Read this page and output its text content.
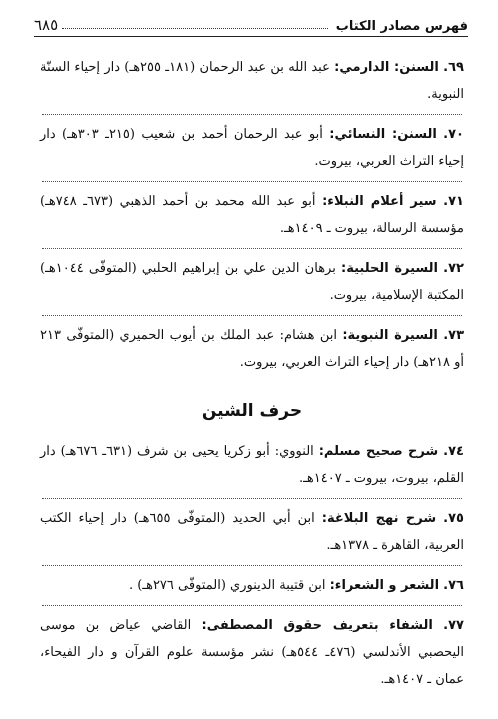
فهرس مصادر الكتاب
٦٨٥
٦٩. السنن: الدارمي: عبد الله بن عبد الرحمان (١٨١ـ ٢٥٥هـ) دار إحياء السنّة النبوية.
٧٠. السنن: النسائي: أبو عبد الرحمان أحمد بن شعيب (٢١٥ـ ٣٠٣هـ) دار إحياء التراث العربي، بيروت.
٧١. سير أعلام النبلاء: أبو عبد الله محمد بن أحمد الذهبي (٦٧٣ـ ٧٤٨هـ) مؤسسة الرسالة، بيروت ـ ١٤٠٩هـ.
٧٢. السيرة الحلبية: برهان الدين علي بن إبراهيم الحلبي (المتوفّى ١٠٤٤هـ) المكتبة الإسلامية، بيروت.
٧٣. السيرة النبوية: ابن هشام: عبد الملك بن أيوب الحميري (المتوفّى ٢١٣ أو ٢١٨هـ) دار إحياء التراث العربي، بيروت.
حرف الشين
٧٤. شرح صحيح مسلم: النووي: أبو زكريا يحيى بن شرف (٦٣١ـ ٦٧٦هـ) دار القلم، بيروت، بيروت ـ ١٤٠٧هـ.
٧٥. شرح نهج البلاغة: ابن أبي الحديد (المتوفّى ٦٥٥هـ) دار إحياء الكتب العربية، القاهرة ـ ١٣٧٨هـ.
٧٦. الشعر و الشعراء: ابن قتيبة الدينوري (المتوفّى ٢٧٦هـ) .
٧٧. الشفاء بتعريف حقوق المصطفى: القاضي عياض بن موسى اليحصبي الأندلسي (٤٧٦ـ ٥٤٤هـ) نشر مؤسسة علوم القرآن و دار الفيحاء، عمان ـ ١٤٠٧هـ.
